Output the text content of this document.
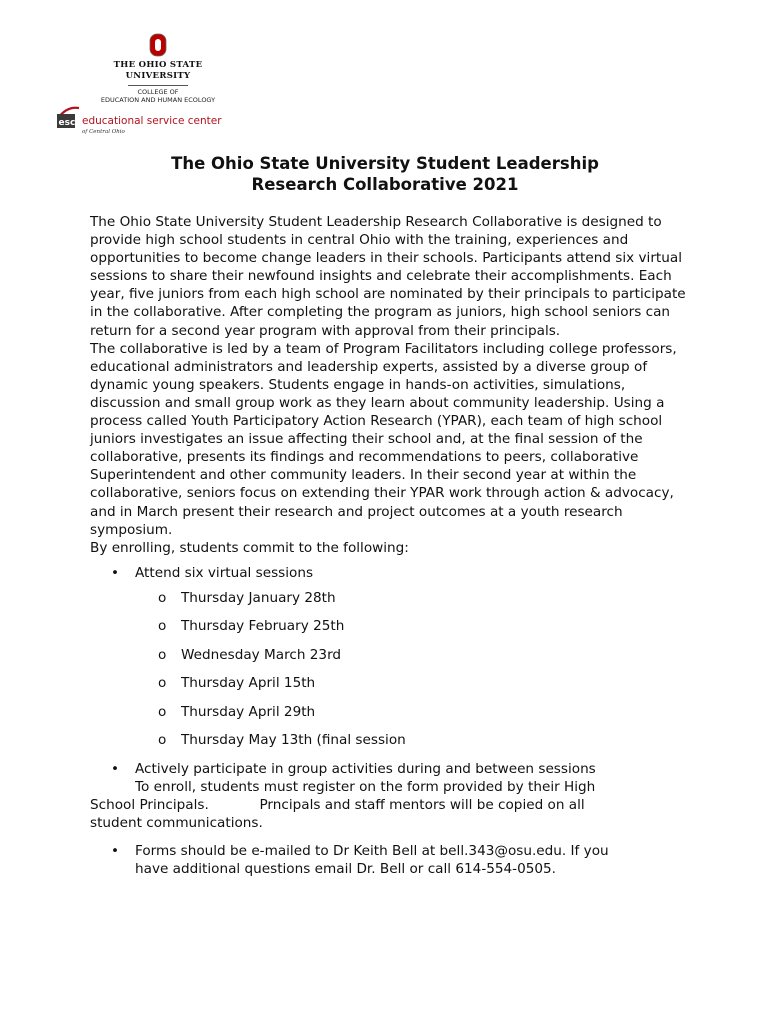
THE OHIO STATE
UNIVERSITY
COLLEGE OF
EDUCATION AND HUMAN ECOLOGY
esc educational service center
of Central Ohio
The Ohio State University Student Leadership
Research Collaborative 2021

The Ohio State University Student Leadership Research Collaborative is designed to provide high school students in central Ohio with the training, experiences and opportunities to become change leaders in their schools. Participants attend six virtual sessions to share their newfound insights and celebrate their accomplishments. Each year, five juniors from each high school are nominated by their principals to participate in the collaborative. After completing the program as juniors, high school seniors can return for a second year program with approval from their principals.

The collaborative is led by a team of Program Facilitators including college professors, educational administrators and leadership experts, assisted by a diverse group of dynamic young speakers. Students engage in hands-on activities, simulations, discussion and small group work as they learn about community leadership. Using a process called Youth Participatory Action Research (YPAR), each team of high school juniors investigates an issue affecting their school and, at the final session of the collaborative, presents its findings and recommendations to peers, collaborative Superintendent and other community leaders. In their second year at within the collaborative, seniors focus on extending their YPAR work through action & advocacy, and in March present their research and project outcomes at a youth research symposium.

By enrolling, students commit to the following:

• Attend six virtual sessions
o Thursday January 28th
o Thursday February 25th
o Wednesday March 23rd
o Thursday April 15th
o Thursday April 29th
o Thursday May 13th (final session
• Actively participate in group activities during and between sessions
To enroll, students must register on the form provided by their High
School Principals.	Prncipals and staff mentors will be copied on all
student communications.
• Forms should be e-mailed to Dr Keith Bell at bell.343@osu.edu. If you
have additional questions email Dr. Bell or call 614-554-0505.
